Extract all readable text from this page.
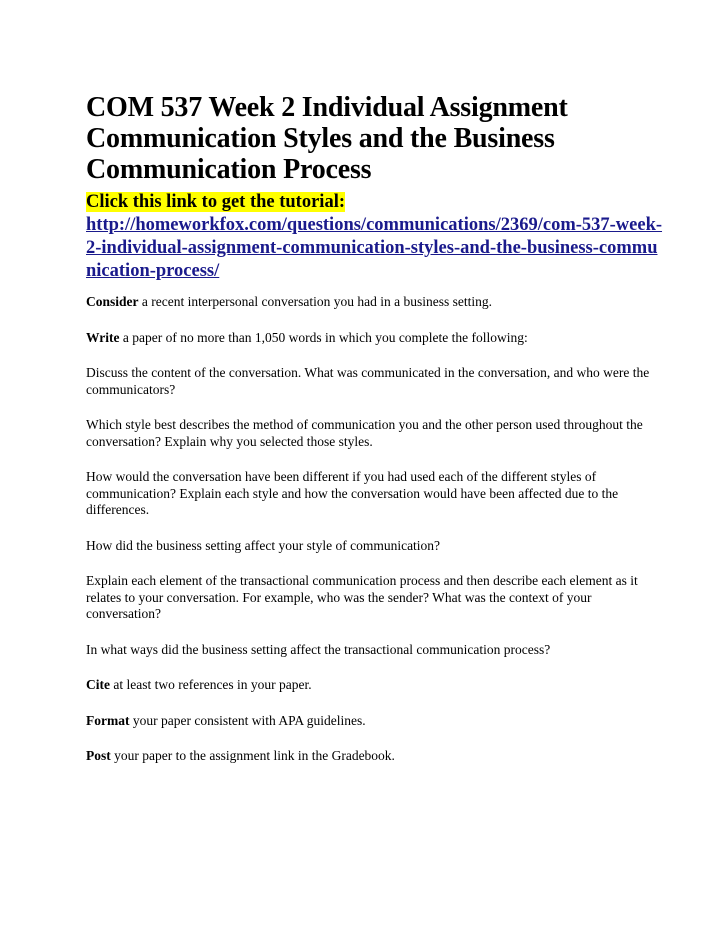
COM 537 Week 2 Individual Assignment Communication Styles and the Business Communication Process
Click this link to get the tutorial:
http://homeworkfox.com/questions/communications/2369/com-537-week-2-individual-assignment-communication-styles-and-the-business-communication-process/

Consider a recent interpersonal conversation you had in a business setting.

Write a paper of no more than 1,050 words in which you complete the following:

Discuss the content of the conversation. What was communicated in the conversation, and who were the communicators?

Which style best describes the method of communication you and the other person used throughout the conversation? Explain why you selected those styles.

How would the conversation have been different if you had used each of the different styles of communication? Explain each style and how the conversation would have been affected due to the differences.

How did the business setting affect your style of communication?

Explain each element of the transactional communication process and then describe each element as it relates to your conversation. For example, who was the sender? What was the context of your conversation?

In what ways did the business setting affect the transactional communication process?

Cite at least two references in your paper.

Format your paper consistent with APA guidelines.

Post your paper to the assignment link in the Gradebook.
